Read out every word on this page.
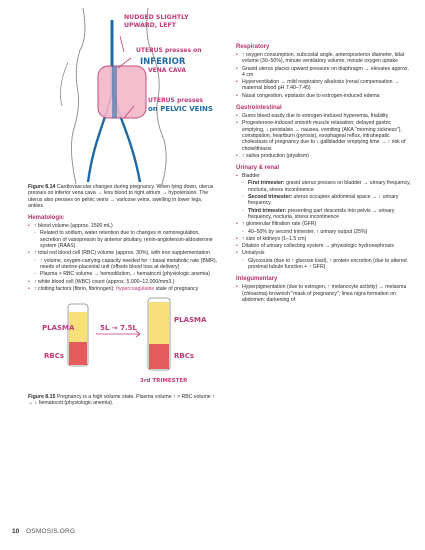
NUDGED SLIGHTLY
UPWARD, LEFT
UTERUS presses on
INFERIOR
VENA CAVA
UTERUS presses
on PELVIC VEINS
Figure 8.14 Cardiovascular changes during pregnancy. When lying down, uterus presses on inferior vena cava → less blood to right atrium → hypotension. The uterus also presses on pelvic veins → varicose veins, swelling in lower legs, ankles.
Hematologic
• ↑ blood volume (approx. 1500 mL)
◦ Related to sodium, water retention due to changes in osmoregulation, secretion of vasopressin by anterior pituitary, renin-angiotensin-aldosterone system (RAAS)
• ↑ total red blood cell (RBC) volume (approx. 30%), with iron supplementation
◦ ↑ volume, oxygen-carrying capacity needed for ↑ basal metabolic rate (BMR), needs of uterine-placental unit (offsets blood loss at delivery)
◦ Plasma > RBC volume → hemodilution, ↓ hematocrit (physiologic anemia)
• ↑ white blood cell (WBC) count (approx. 5,000–12,000/mm3.)
• ↑ clotting factors (fibrin, fibrinogen): hypercoagulable state of pregnancy
PLASMA
RBCs
5L → 7.5L
PLASMA
RBCs
3rd TRIMESTER
Figure 8.15 Pregnancy is a high volume state. Plasma volume ↑ > RBC volume ↑ → ↓ hematocrit (physiologic anemia).
Respiratory
• ↑ oxygen consumption, subcostal angle, anteroposterior diameter, tidal volume (30–50%), minute ventilatory volume, minute oxygen uptake
• Gravid uterus places upward pressure on diaphragm → elevates approx. 4 cm
• Hyperventilation → mild respiratory alkalosis (renal compensation → maternal blood pH 7.40–7.45)
• Nasal congestion, epistaxis due to estrogen-induced edema
Gastrointestinal
• Gums bleed easily due to estrogen-induced hyperemia, friability
• Progesterone-induced smooth muscle relaxation; delayed gastric emptying, ↓ peristalsis → nausea, vomiting (AKA "morning sickness"), constipation, heartburn (pyrosis), esophageal reflux, intrahepatic cholestasis of pregnancy due to ↓ gallbladder emptying time → ↑ risk of cholelithiasis
• ↑ saliva production (ptyalism)
Urinary & renal
• Bladder
◦ First trimester: gravid uterus presses on bladder → urinary frequency, nocturia, stress incontinence
◦ Second trimester: uterus occupies abdominal space → ↓ urinary frequency
◦ Third trimester: presenting part descends into pelvis → urinary frequency, nocturia, stress incontinence
• ↑ glomerular filtration rate (GFR)
◦ 40–50% by second trimester, ↑ urinary output (25%)
• ↑ size of kidneys (1–1.5 cm)
• Dilation of urinary collecting system → physiologic hydronephrosis
• Urinalysis
◦ Glycosuria (due to ↑ glucose load), ↑ protein excretion (due to altered proximal tubule function + ↑ GFR)
Integumentary
• Hyperpigmentation (due to estrogen, ↑ melanocyte activity) → melasma (chloasma) brownish "mask of pregnancy"; linea nigra formation on abdomen; darkening of
10 OSMOSIS.ORG
